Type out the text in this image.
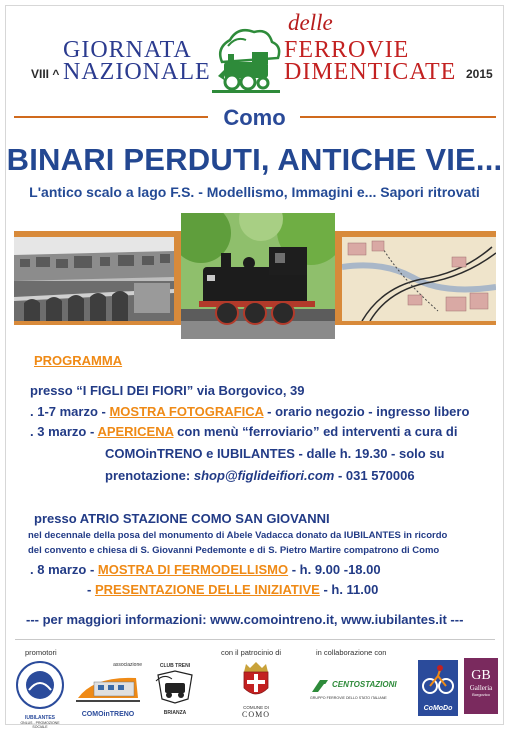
VIII ^	2015
GIORNATA
NAZIONALE
delle
FERROVIE
DIMENTICATE
Como
BINARI PERDUTI, ANTICHE VIE...
L'antico scalo a lago F.S. - Modellismo, Immagini e... Sapori ritrovati
PROGRAMMA
presso “I FIGLI DEI FIORI” via Borgovico, 39
. 1-7 marzo - MOSTRA FOTOGRAFICA - orario negozio - ingresso libero
. 3 marzo - APERICENA con menù “ferroviario” ed interventi a cura di
COMOinTRENO e IUBILANTES - dalle h. 19.30 - solo su
prenotazione: shop@figlideifiori.com - 031 570006
presso ATRIO STAZIONE COMO SAN GIOVANNI
nel decennale della posa del monumento di Abele Vadacca donato da IUBILANTES in ricordo
del convento e chiesa di S. Giovanni Pedemonte e di S. Pietro Martire compatrono di Como
. 8 marzo - MOSTRA DI FERMODELLISMO - h. 9.00 -18.00
- PRESENTAZIONE DELLE INIZIATIVE - h. 11.00
--- per maggiori informazioni: www.comointreno.it, www.iubilantes.it ---
promotori	con il patrocinio di	in collaborazione con
IUBILANTES
ONLUS - PROMOZIONE SOCIALE
associazione
COMOinTRENO
CLUB TRENI
BRIANZA
COMUNE DI
COMO
CENTOSTAZIONI
GRUPPO FERROVIE DELLO STATO ITALIANE
CoMoDo
GB
Galleria
Borgovico
